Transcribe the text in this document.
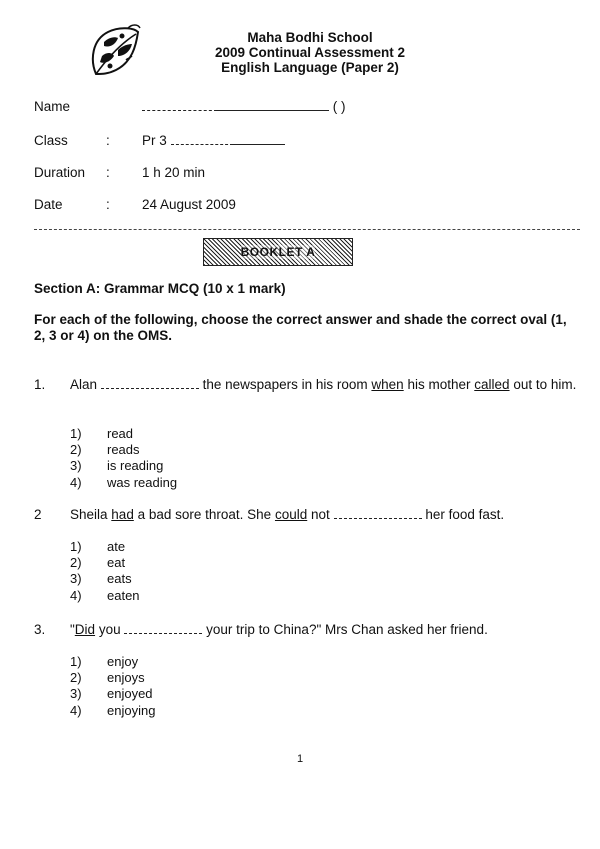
Maha Bodhi School
2009 Continual Assessment 2
English Language (Paper 2)
Name	( )
Class	: Pr 3
Duration : 1 h 20 min
Date	: 24 August 2009
BOOKLET A
Section A: Grammar MCQ (10 x 1 mark)
For each of the following, choose the correct answer and shade the correct oval (1, 2, 3 or 4) on the OMS.
1. Alan	the newspapers in his room when his mother called out to him.
1)	read
2)	reads
3)	is reading
4)	was reading
2 Sheila had a bad sore throat. She could not	her food fast.
1)	ate
2)	eat
3)	eats
4)	eaten
3. "Did you	your trip to China?" Mrs Chan asked her friend.
1)	enjoy
2)	enjoys
3)	enjoyed
4)	enjoying
1
